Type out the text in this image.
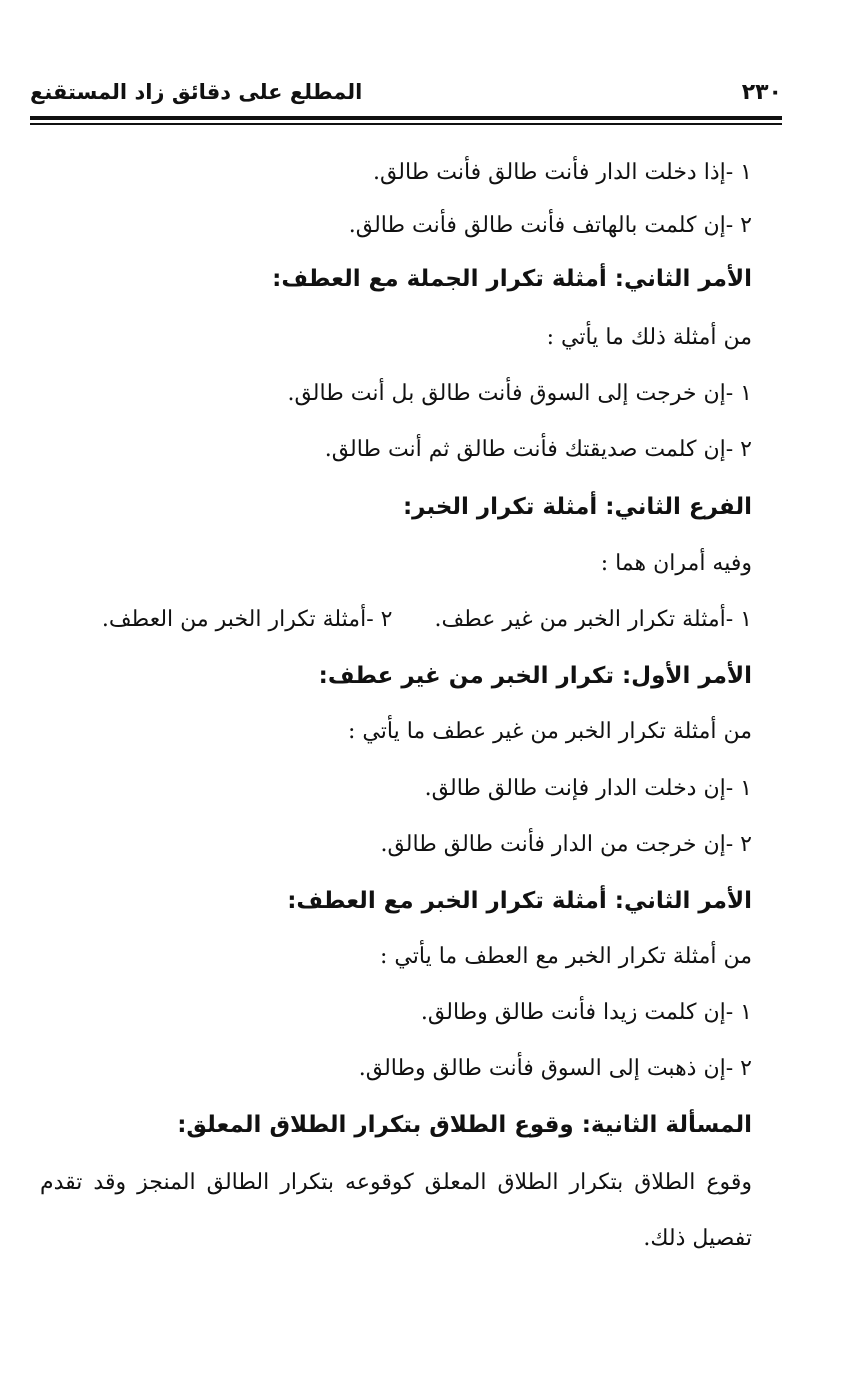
٢٣٠
المطلع على دقائق زاد المستقنع
١ -إذا دخلت الدار فأنت طالق فأنت طالق.
٢ -إن كلمت بالهاتف فأنت طالق فأنت طالق.
الأمر الثاني: أمثلة تكرار الجملة مع العطف:
من أمثلة ذلك ما يأتي :
١ -إن خرجت إلى السوق فأنت طالق بل أنت طالق.
٢ -إن كلمت صديقتك فأنت طالق ثم أنت طالق.
الفرع الثاني: أمثلة تكرار الخبر:
وفيه أمران هما :
١ -أمثلة تكرار الخبر من غير عطف.٢ -أمثلة تكرار الخبر من العطف.
الأمر الأول: تكرار الخبر من غير عطف:
من أمثلة تكرار الخبر من غير عطف ما يأتي :
١ -إن دخلت الدار فإنت طالق طالق.
٢ -إن خرجت من الدار فأنت طالق طالق.
الأمر الثاني: أمثلة تكرار الخبر مع العطف:
من أمثلة تكرار الخبر مع العطف ما يأتي :
١ -إن كلمت زيدا فأنت طالق وطالق.
٢ -إن ذهبت إلى السوق فأنت طالق وطالق.
المسألة الثانية: وقوع الطلاق بتكرار الطلاق المعلق:
وقوع الطلاق بتكرار الطلاق المعلق كوقوعه بتكرار الطالق المنجز وقد تقدم
تفصيل ذلك.
